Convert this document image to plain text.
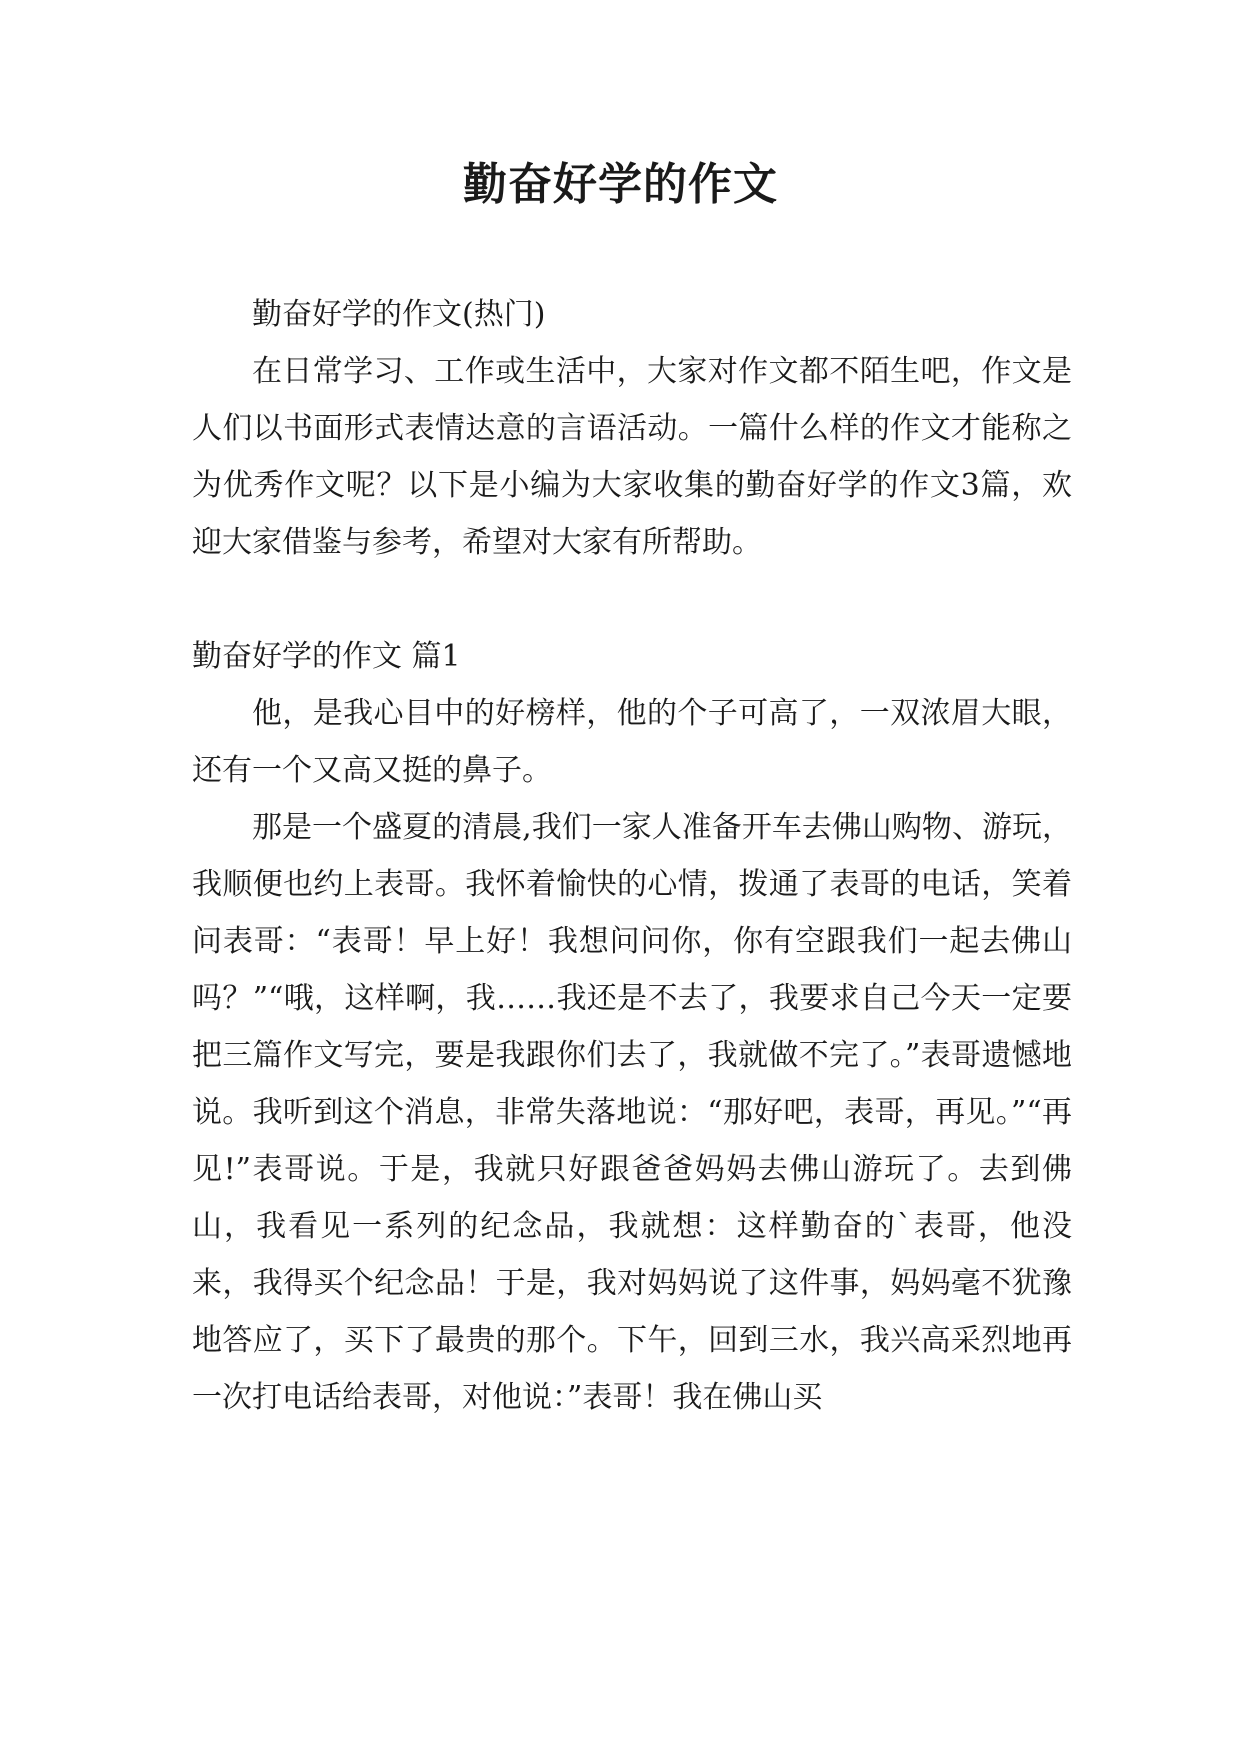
勤奋好学的作文

勤奋好学的作文(热门)

在日常学习、工作或生活中，大家对作文都不陌生吧，作文是人们以书面形式表情达意的言语活动。一篇什么样的作文才能称之为优秀作文呢？以下是小编为大家收集的勤奋好学的作文3篇，欢迎大家借鉴与参考，希望对大家有所帮助。

勤奋好学的作文 篇1

他，是我心目中的好榜样，他的个子可高了，一双浓眉大眼，还有一个又高又挺的鼻子。

那是一个盛夏的清晨,我们一家人准备开车去佛山购物、游玩，我顺便也约上表哥。我怀着愉快的心情，拨通了表哥的电话，笑着问表哥：“表哥！早上好！我想问问你，你有空跟我们一起去佛山吗？”“哦，这样啊，我……我还是不去了，我要求自己今天一定要把三篇作文写完，要是我跟你们去了，我就做不完了。”表哥遗憾地说。我听到这个消息，非常失落地说：“那好吧，表哥，再见。”“再见!”表哥说。于是，我就只好跟爸爸妈妈去佛山游玩了。去到佛山，我看见一系列的纪念品，我就想：这样勤奋的`表哥，他没来，我得买个纪念品！于是，我对妈妈说了这件事，妈妈毫不犹豫地答应了，买下了最贵的那个。下午，回到三水，我兴高采烈地再一次打电话给表哥，对他说：”表哥！我在佛山买
